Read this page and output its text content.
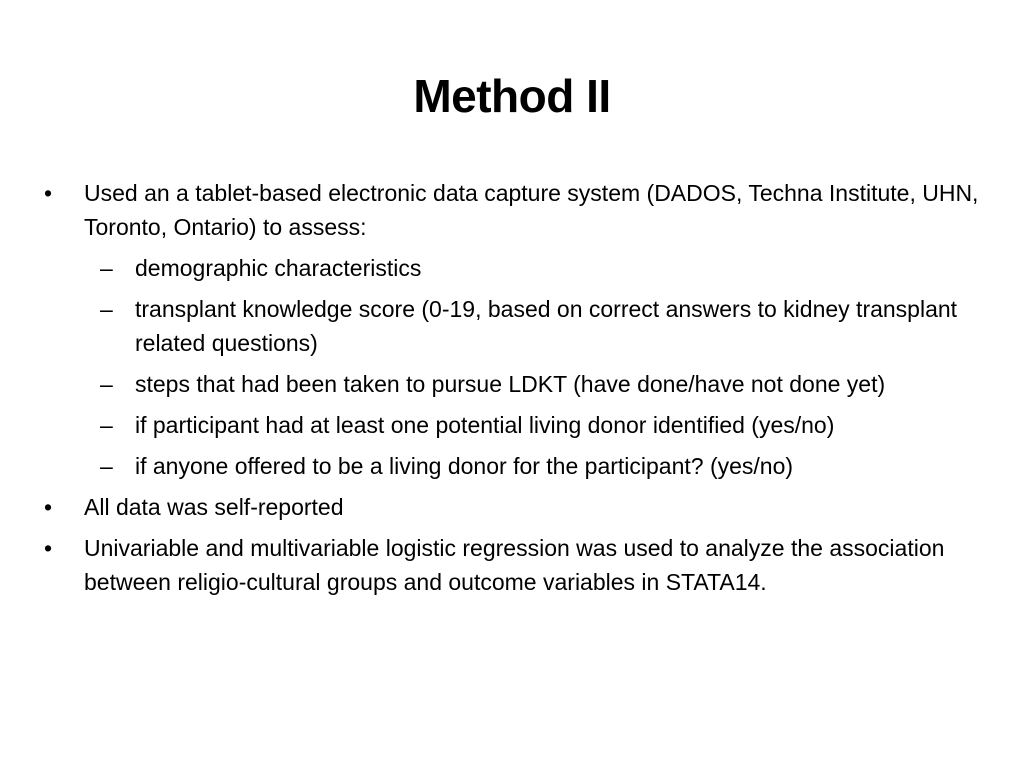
Method II
•	Used an a tablet-based electronic data capture system (DADOS, Techna Institute, UHN, Toronto, Ontario) to assess:
– demographic characteristics
– transplant knowledge score (0-19, based on correct answers to kidney transplant related questions)
– steps that had been taken to pursue LDKT (have done/have not done yet)
– if participant had at least one potential living donor identified (yes/no)
– if anyone offered to be a living donor for the participant? (yes/no)
•	All data was self-reported
•	Univariable and multivariable logistic regression was used to analyze the association between religio-cultural groups and outcome variables in STATA14.
